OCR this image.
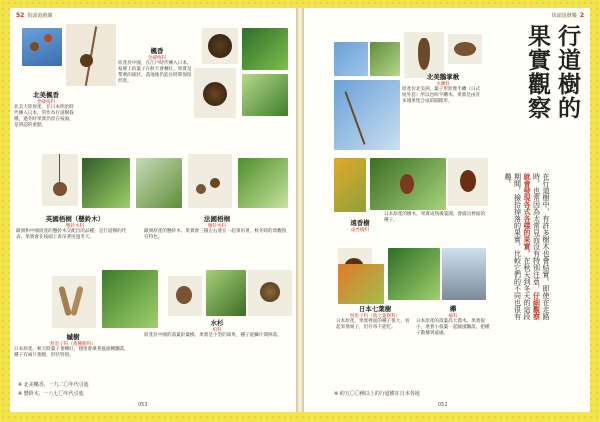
52 街頭遊戲樂
楓香
金縷梅科
原產於中國，在江戶時代傳入日本。枝條上的葉子在秋天會轉紅。果實是帶刺的球狀，落地後仍能長時間保留形狀。
北美楓香
金縷梅科
北美大陸原產。在日本明治時代傳入日本，常作為行道樹栽種。過冬時果實仍留在枝頭，是辨認的重點。
英國梧桐（懸鈴木）
懸鈴木科
歐洲和中國原產的懸鈴木交配出的品種，是行道樹的代表。果實會在枝頭上垂吊著度過冬天。
法國梧桐
懸鈴木科
歐洲原產的懸鈴木。果實會三個左右連在一起垂吊著，秋冬時的景觀很有特色。
槭樹
無患子科（舊楓樹科）
日本原產。秋天時葉子會轉紅，翅果會乘著風旋轉飄落。種子有兩片翅膀，形狀特別。
水杉
柏科
原產於中國的落葉針葉樹。果實是小型的球果，種子從鱗片間掉落。
※ 北美楓香，一九二〇年代引進
※ 懸鈴木，一八七〇年代引進
053
街頭遊戲樂 2
行道樹的
果實觀察
北美鵝掌楸
木蘭科
原產於北美洲。葉子形狀像半纏（日式短外套）所以也叫半纏木。果實是由許多翅果集合成的圓錐形。
遠香樹
遠香樹科
日本原產的樹木。果實成熟後裂開，會露出裡面的種子。
日本七葉樹
無患子科（舊七葉樹科）
日本原產。果實裡面的種子很大，看起來像栗子，但有毒不能吃。
櫸
榆科
日本原產的落葉高大喬木。果實很小，連著小枝葉一起隨風飄落，把種子散播到遠處。
在行道樹中，有許多樹木也會結實。即使在走路時，也常因為太常見而沒有特別注意，仔細觀察就會發現各式各樣的果實。在秋天到冬天的這段期間，撿拾掉落的果實，比較它們的不同也很有趣。
※ 約五〇〇種以上的行道樹在日本各地
052
